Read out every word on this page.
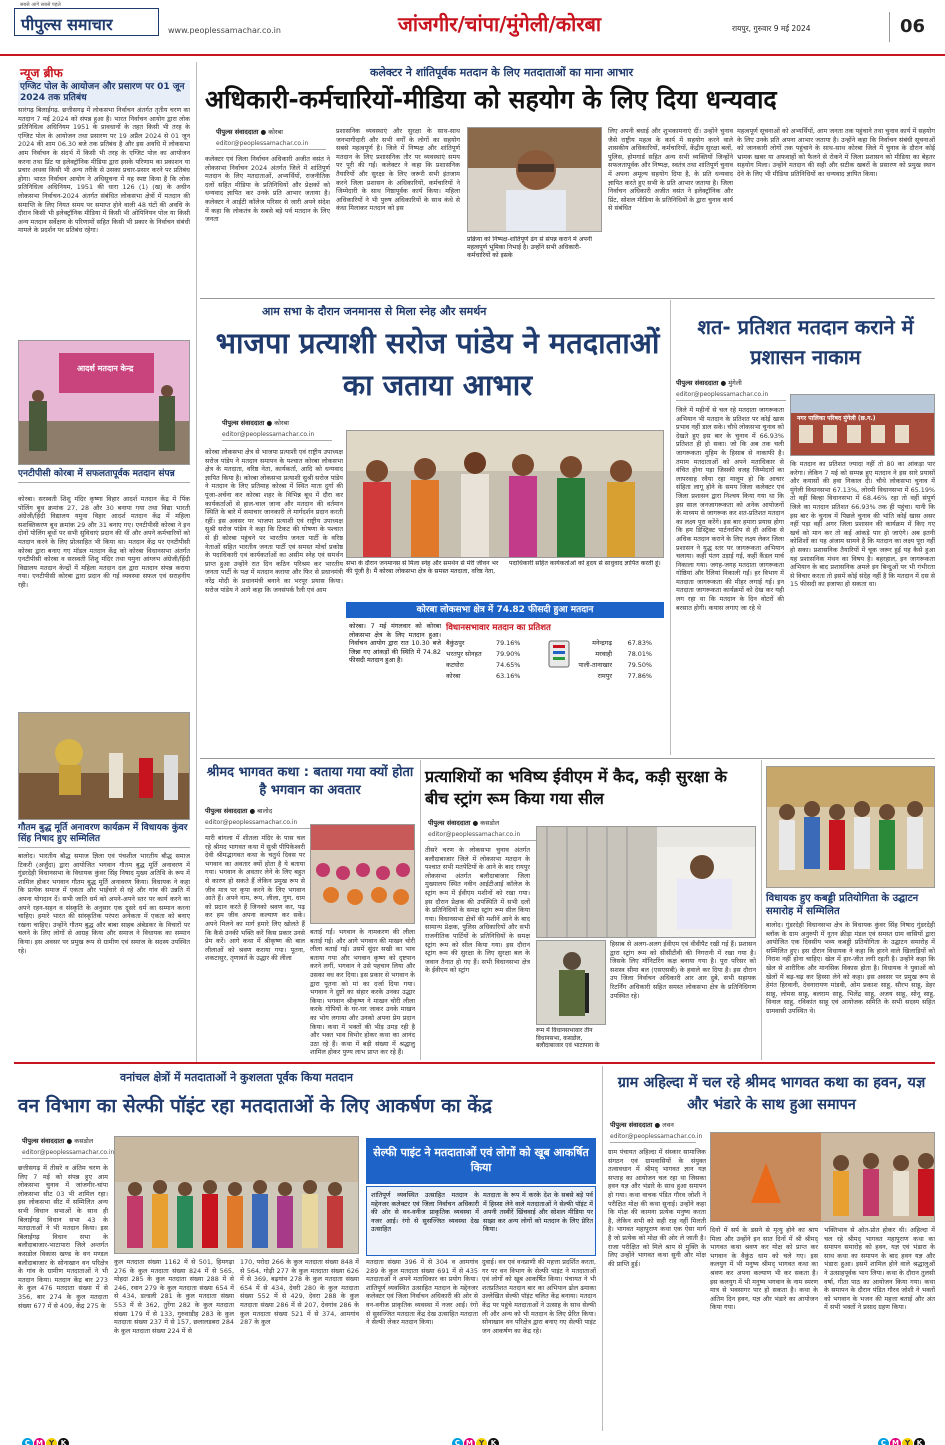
सबसे आगे सबसे पहले
पीपुल्स समाचार	www.peoplessamachar.co.in	जांजगीर/चांपा/मुंगेली/कोरबा	रायपुर, गुरुवार 9 मई 2024	06
न्यूज ब्रीफ
एग्जिट पोल के आयोजन और प्रसारण पर 01 जून 2024 तक प्रतिबंध
सारंगढ़ बिलाईगढ़. छत्तीसगढ़ में लोकसभा निर्वाचन अंतर्गत तृतीय चरण का मतदान 7 मई 2024 को संपन्न हुआ है। भारत निर्वाचन आयोग द्वारा लोक प्रतिनिधित्व अधिनियम 1951 के प्रावधानों के तहत किसी भी तरह के एग्जिट पोल के आयोजन तथा प्रसारण पर 19 अप्रैल 2024 से 01 जून 2024 की शाम 06.30 बजे तक प्रतिबंध है और इस अवधि में लोकसभा आम निर्वाचन के संदर्भ में किसी भी तरह के एग्जिट पोल का आयोजन करना तथा प्रिंट या इलेक्ट्रॉनिक मीडिया द्वारा इसके परिणाम का प्रकाशन या प्रचार अथवा किसी भी अन्य तरीके से उसका प्रचार-प्रसार करने पर प्रतिबंध होगा। भारत निर्वाचन आयोग ने अधिसूचना में यह स्पष्ट किया है कि लोक प्रतिनिधित्व अधिनियम, 1951 की धारा 126 (1) (ख) के अधीन लोकसभा निर्वाचन-2024 अंतर्गत संबंधित लोकसभा क्षेत्रों में मतदान की समाप्ति के लिए नियत समय पर समाप्त होने वाली 48 घंटों की अवधि के दौरान किसी भी इलेक्ट्रॉनिक मीडिया में किसी भी ओपिनियन पोल या किसी अन्य मतदान सर्वेक्षण के परिणामों सहित किसी भी प्रकार के निर्वाचन संबंधी मामले के प्रदर्शन पर प्रतिबंध रहेगा।
आदर्श मतदान केन्द्र
एनटीपीसी कोरबा में सफलतापूर्वक मतदान संपन्न
कोरबा। सरस्वती शिशु मंदिर कृष्णा विहार आदर्श मतदान केंद्र में पिंक पोलिंग बूथ क्रमांक 27, 28 और 30 बनाया गया तथा विद्या भारती अंग्रेजी/हिंदी विद्यालय यमुना विहार आदर्श मतदान केंद्र में महिला सशक्तिकरण बूथ क्रमांक 29 और 31 बनाए गए। एनटीपीसी कोरबा ने इन दोनों पोलिंग बूथों पर सभी सुविधाएं प्रदान की थीं और अपने कर्मचारियों को मतदान करने के लिए प्रोत्साहित भी किया था। मतदान केंद्र पर एनटीपीसी कोरबा द्वारा बनाए गए मॉडल मतदान केंद्र को कोरबा विधानसभा अंतर्गत एनटीपीसी कोरबा व सरस्वती शिशु मंदिर तथा यमुना आंग्लभ अंग्रेजी/हिंदी विद्यालय मतदान केन्द्रों में महिला मतदान दल द्वारा मतदान संपन्न कराया गया। एनटीपीसी कोरबा द्वारा प्रदान की गई व्यवस्था सफल एवं सराहनीय रही।
गौतम बुद्ध मूर्ति अनावरण कार्यक्रम में विधायक कुंवर सिंह निषाद हुए सम्मिलित
बालोद। भारतीय बौद्ध समाज ज्ञिला एवं पंचशील भारतीय बौद्ध समाज टिकरी (अर्जुंदा) द्वारा आयोजित भगवान गौतम बुद्ध मूर्ति अनावरण में गुंडरदेही विधानसभा के विधायक कुंवर सिंह निषाद मुख्य अतिथि के रूप में शामिल होकर भगवान गौतम बुद्ध मूर्ति अनावरण किया। विधायक ने कहा कि प्रत्येक समाज में एकता और भाईचारे से रहे और गांव की उन्नति में अपना योगदान दें। सभी जाति धर्म को अपने-अपने स्तर पर कार्य करने का अपने रहन-सहन व संस्कृति के अनुसार एक दूसरे धर्म का सम्मान करना चाहिए। हमारे भारत की सांस्कृतिक परंपरा अनेकता में एकता को बनाए रखना चाहिए। उन्होंने गौतम बुद्ध और बाबा साहब अंबेडकर के विचारों पर चलने के लिए लोगों से आग्रह किया और समाज ने विधायक का सम्मान किया। इस अवसर पर प्रमुख रूप से ग्रामीण एवं समाज के सदस्य उपस्थित रहे।
कलेक्टर ने शांतिपूर्वक मतदान के लिए मतदाताओं का माना आभार
अधिकारी-कर्मचारियों-मीडिया को सहयोग के लिए दिया धन्यवाद
पीपुल्स संवाददाता ● कोरबा
editor@peoplessamachar.co.in
कलेक्टर एवं जिला निर्वाचन अधिकारी अजीत वसंत ने लोकसभा निर्वाचन 2024 अंतर्गत जिले में शांतिपूर्ण मतदान के लिए मतदाताओं, अभ्यर्थियों, राजनीतिक दलों सहित मीडिया के प्रतिनिधियों और प्रेक्षकों को धन्यवाद ज्ञापित कर उनके प्रति आभार जताया है। कलेक्टर ने आईटी कॉलेज परिसर से जारी अपने संदेश में कहा कि लोकतंत्र के सबसे बड़े पर्व मतदान के लिए जनता
प्रशासनिक व्यवस्थाएं और सुरक्षा के साथ-साथ जनभागीदारी और सभी वर्गों के लोगों का सहयोग सबसे महत्वपूर्ण है। जिले में निष्पक्ष और शांतिपूर्ण मतदान के लिए प्रशासनिक तौर पर व्यवस्थाएं समय पर पूरी की गईं। कलेक्टर ने कहा कि प्रशासनिक तैयारियों और सुरक्षा के लिए जरूरी सभी इंतजाम करने जिला प्रशासन के अधिकारियों, कर्मचारियों ने जिम्मेदारी के साथ निष्ठापूर्वक कार्य किया। महिला अधिकारियों ने भी पुरुष अधिकारियों के साथ कंधे से कंधा मिलाकर मतदान को इस
प्रक्रिया को निष्पक्ष-शांतिपूर्ण ढंग से संपन्न कराने में अपनी महत्वपूर्ण भूमिका निभाई है। उन्होंने सभी अधिकारी-कर्मचारियों को इसके
लिए अपनी बधाई और शुभकामनाएं दीं। उन्होंने चुनाव जैसे राष्ट्रीय महत्व के कार्य में सहयोग करने वाले शासकीय अधिकारियों, कर्मचारियों, केंद्रीय सुरक्षा बलों, पुलिस, होमगार्ड सहित अन्य सभी व्यक्तियों जिन्होंने सफलतापूर्वक और निष्पक्ष, स्वतंत्र तथा शांतिपूर्ण चुनाव में अपना अमूल्य सहयोग दिया है, के प्रति धन्यवाद ज्ञापित करते हुए सभी के प्रति आभार जताया है। जिला निर्वाचन अधिकारी अजीत वसंत ने इलेक्ट्रॉनिक और प्रिंट, सोशल मीडिया के प्रतिनिधियों के द्वारा चुनाव कार्य से संबंधित
महत्वपूर्ण सूचनाओं को अभ्यर्थियों, आम जनता तक पहुंचाने तथा चुनाव कार्य में सहयोग के लिए उनके प्रति अपना आभार जताया है। उन्होंने कहा कि निर्वाचन संबंधी सूचनाओं को जानकारी लोगों तक पहुंचाने के साथ-साथ कोरबा जिले में चुनाव के दौरान कोई भ्रामक खबर या अफवाहों को फैलने से रोकने में जिला प्रशासन को मीडिया का बेहतर सहयोग मिला। उन्होंने मतदान की सही और सटीक खबरों के प्रसारण को प्रमुख स्थान देने के लिए भी मीडिया प्रतिनिधियों का धन्यवाद ज्ञापित किया।
आम सभा के दौरान जनमानस से मिला स्नेह और समर्थन
भाजपा प्रत्याशी सरोज पांडेय ने मतदाताओं का जताया आभार
पीपुल्स संवाददाता ● कोरबा
editor@peoplessamachar.co.in
कोरबा लोकसभा क्षेत्र से भाजपा प्रत्याशी एवं राष्ट्रीय उपाध्यक्ष सरोज पांडेय ने मतदान समापन के पश्चात कोरबा लोकसभा क्षेत्र के मतदाता, वरिष्ठ नेता, कार्यकर्ता, आदि को धन्यवाद ज्ञापित किया है। कोरबा लोकसभा प्रत्याशी सुश्री सरोज पांडेय ने मतदान के लिए प्रतिमाह कोरबा में स्थित माता दुर्गा की पूजा-अर्चना कर कोरबा शहर के विभिन्न बूथ में दौरा कर कार्यकर्ताओं से हाल-चाल जाना और मतदान की वर्तमान स्थिति के बारे में समाचार जानकारी ले मार्गदर्शन प्रदान करती रहीं। इस अवसर पर भाजपा प्रत्याशी एवं राष्ट्रीय उपाध्यक्ष सुश्री सरोज पांडेय ने कहा कि टिकट की घोषणा के पश्चात से ही कोरबा पहुंचने पर भारतीय जनता पार्टी के वरिष्ठ नेताओं सहित भारतीय जनता पार्टी एवं समस्त मोर्चा प्रकोष्ठ के पदाधिकारी एवं कार्यकर्ताओं का असीम स्नेह एवं समर्थन प्राप्त हुआ उन्होंने रात दिन कठिन परिश्रम कर भारतीय जनता पार्टी के पक्ष में मतदान कराया और फिर से प्रधानमंत्री नरेंद्र मोदी के प्रधानमंत्री बनाने का भरपूर प्रयास किया। सरोज पांडेय ने आगे कहा कि जनसंपर्क रैली एवं आम
सभा के दौरान जनमानस से मिला स्नेह और समर्थन से मेरी जीवन भर की पूंजी है। मैं कोरबा लोकसभा क्षेत्र के समस्त मतदाता, वरिष्ठ नेता, पदाधिकारी सहित कार्यकर्ताओं को हृदय से साधुवाद ज्ञापित करती हूं।
कोरबा लोकसभा क्षेत्र में 74.82 फीसदी हुआ मतदान
कोरबा। 7 मई मंगलवार को कोरबा लोकसभा क्षेत्र के लिए मतदान हुआ। निर्वाचन आयोग द्वारा रात 10.30 बजे जिन्ना गए आंकड़ों की स्थिति में 74.82 फीसदी मतदान हुआ है।
विधानसभावार मतदान का प्रतिशत
बैकुंठपुर	79.16%	मनेन्द्रगढ़	67.83%
भरतपुर सोनहत	79.90%	मरवाही	78.01%
कटघोरा	74.65%	पाली-तानाखार	79.50%
कोरबा	63.16%	रामपुर	77.86%
शत- प्रतिशत मतदान कराने में प्रशासन नाकाम
पीपुल्स संवाददाता ● मुंगेली
editor@peoplessamachar.co.in
जिले में महीनों से चल रहे मतदाता जागरूकता अभियान भी मतदान के प्रतिशत पर कोई खास प्रभाव नहीं डाल सके। चौथे लोकसभा चुनाव को देखते हुए इस बार के चुनाव में 66.93% प्रतिशत ही हो सका। जो कि अब तक चली जागरूकता मुहिम के हिसाब से नाकाफी है। तमाम मतदाताओं को अपने मताधिकार से वंचित होना पड़ा जिसकी वजह जिम्मेदारों का लापरवाह रवैया रहा मालूम हो कि आचार संहिता लागू होने के समय जिला कलेक्टर एवं जिला प्रशासन द्वारा निश्चय किया गया था कि इस साल जनजागरूकता को अनेक आयोजनों के माध्यम से जागरूक कर शत-प्रतिशत मतदान का लक्ष्य पूरा करेंगे। इस बार हमारा प्रयास होगा कि हम डिस्ट्रिक्ट पार्टनरशिप से ही अधिक से अधिक मतदान कराने के लिए लक्ष्य लेकर जिला प्रशासन ने युद्ध स्तर पर जागरूकता अभियान चलाया। कहीं पंतग उड़ाई गई, कहीं कैंडल मार्च निकाला गया। जगह-जगह मतदाता जागरूकता गोष्ठियां और रैलियां निकाली गईं। हर विभाग में मतदाता जागरूकता की मीहर लगाई गई। इन मतदाता जागरूकता कार्यक्रमों को देख कर यही लग रहा था कि मतदान के दिन वोटरों की बरसात होगी। कयास लगाए जा रहे थे
नगर पालिका परिषद मुंगेली (छ.ग.)
कि मतदान का प्रतिशत ज्यादा नहीं तो 80 का आंकड़ा पार करेगा। लेकिन 7 मई को सम्पन्न हुए मतदान ने इस सारे प्रयासों और कयासों की हवा निकाल दी। चौथे लोकसभा चुनाव में मुंगेली विधानसभा 67.13%, लोरमी विधानसभा में 65.19% तो वहीं बिल्हा विधानसभा में 68.46% रहा तो वहीं संपूर्ण जिले का मतदान प्रतिशत 66.93% तक ही पहुंचा। यानी कि इस बार के चुनाव में पिछले चुनाव की भांति कोई खास असर नहीं पड़ा वहीं अगर जिला प्रशासन की कार्यक्रम में किए गए खर्च को मान कर तो कई आंकड़े पार हो जाएंगे। अब इतनी कोशिशों का यह अंजाम सामने है कि मतदान का लक्ष्य पूरा नहीं हो सका। प्रशासनिक तैयारियों में चूक जरूर हुई यह कैसे हुआ यह प्रशासनिक मंथन का विषय है। बहरहाल, इन जागरूकता अभियान के बाद प्रशासनिक अमले इन बिन्दुओं पर भी गंभीरता से विचार करता तो इसमें कोई संदेह नहीं है कि मतदान में दस से 15 फीसदी का इजाफा हो सकता था।
श्रीमद भागवत कथा : बताया गया क्यों होता है भगवान का अवतार
पीपुल्स संवाददाता ● बालोद
editor@peoplessamachar.co.in
मारी बांगला में शीतला मंदिर के पास चल रहे श्रीमद भागवत कथा में सुश्री पीपिकेश्वरी देवी श्रीमद्भागवत कथा के चतुर्थ दिवस पर भगवान का अवतार क्यों होता है ये बताया गया। भगवान के अवतार लेने के लिए बहुत से कारण हो सकते हैं लेकिन प्रमुख रूप से जीव मात्र पर कृपा करने के लिए भगवान आते हैं। अपने नाम, रूप, लीला, गुण, धाम को प्रदान करते हैं जिनको श्रवण कर, पढ़ कर हम जीव अपना कल्याण कर सकें। अपने मिलने का मार्ग हमारे लिए खोलते हैं कि कैसे उनकी भक्ति करें किस प्रकार उनसे प्रेम करें। आगे कथा में श्रीकृष्ण की बाल लीलाओं को श्रवण कराया गया। पूतना, शकटासुर, तृणावर्त के उद्धार की लीला
बताई गईं। भगवान के नामकरण की लीला बताई गई। और आगे भगवान की माखन चोरी लीला बताई गई। उसमें सुंदर सखी का भाव बताया गया और भगवान कृष्ण को दृष्टपान करने लगीं, भगवान ने उसे पहचान लिया और उसका वध कर दिया। इस प्रकार से भगवान के द्वारा पूतना को मां का दर्जा दिया गया। भगवान ने दुष्टों का संहार करके उनका उद्धार किया। भगवान श्रीकृष्ण ने माखन चोरी लीला करके गोपियों के घर-घर जाकर उनके माखन का भोग लगाया और उनको अपना प्रेम प्रदान किया। कथा में भक्तों की भीड़ उमड़ रही है और भक्त भाव विभोर होकर कथा का आनंद उठा रहे हैं। कथा में बड़ी संख्या में श्रद्धालु शामिल होकर पुण्य लाभ प्राप्त कर रहे हैं।
प्रत्याशियों का भविष्य ईवीएम में कैद, कड़ी सुरक्षा के बीच स्ट्रांग रूम किया गया सील
पीपुल्स संवाददाता ● कसडोल
editor@peoplessamachar.co.in
तीसरे चरण के लोकसभा चुनाव अंतर्गत बलौदाबाजार जिले में लोकसभा मतदान के पश्चात सभी मतपेटियों के आने के बाद रायपुर लोकसभा अंतर्गत बलौदाबाजार जिला मुख्यालय स्थित नवीन आईटीआई कॉलेज के स्ट्रांग रूम में ईवीएम मशीनों को रखा गया। इस दौरान प्रेक्षक की उपस्थिति में सभी दलों के प्रतिनिधियों के समक्ष स्ट्रांग रूम सील किया गया। विधानसभा क्षेत्रों की मशीनें आने के बाद सामान्य प्रेक्षक, पुलिस अधिकारियों और सभी राजनीतिक पार्टियों के प्रतिनिधियों के समक्ष स्ट्रांग रूम को सील किया गया। इस दौरान स्ट्रांग रूम की सुरक्षा के लिए सुरक्षा बल के जवान तैनात हो गए हैं। सभी विधानसभा क्षेत्र के ईवीएम को स्ट्रांग
रूम में विधानसभावार तीन विधानसभा, कसडोल, बलौदाबाजार एवं भाटापारा के
हिसाब से अलग-अलग ईवीएम एवं वीवीपैट रखी गई हैं। प्रशासन द्वारा स्ट्रांग रूम को सीसीटीवी की निगरानी में रखा गया है। जिसके लिए मॉनिटरिंग कक्ष बनाया गया है। पूरा परिसर को सशस्त्र सीमा बल (एसएसबी) के हवाले कर दिया है। इस दौरान उप जिला निर्वाचन अधिकारी आर आर दुबे, सभी सहायक रिटर्निंग अधिकारी सहित समस्त लोकसभा क्षेत्र के प्रतिनिधिगण उपस्थित रहे।
विधायक हुए कबड्डी प्रतियोगिता के उद्घाटन समारोह में सम्मिलित
बालोद। गुंडरदेही विधानसभा क्षेत्र के विधायक कुंवर सिंह निषाद गुंडरदेही ब्लॉक के ग्राम अनुरुपी में नूतन क्रीड़ा मंडल एवं समस्त ग्राम वासियों द्वारा आयोजित एक दिवसीय भव्य कबड्डी प्रतियोगिता के उद्घाटन समारोह में सम्मिलित हुए। इस दौरान विधायक ने कहा कि हारने वाले खिलाड़ियों को निराश नहीं होना चाहिए। खेल में हार-जीत लगी रहती है। उन्होंने कहा कि खेल से शारीरिक और मानसिक विकास होता है। विधायक ने युवाओं को खेलों में बढ़-चढ़ कर हिस्सा लेने को कहा। इस अवसर पर प्रमुख रूप से हेमंत हिरवानी, देवनारायण मांडवी, ओम प्रकाश साहू, सौरभ साहू, डेहर साहू, लोमस साहू, बलराम साहू, भिलेंद्र साहू, अजय साहू, सोनू साहू, विनाल साहू, रविकांत साहू एवं आयोजक समिति के सभी सदस्य सहित ग्रामवासी उपस्थित थे।
वनांचल क्षेत्रों में मतदाताओं ने कुशलता पूर्वक किया मतदान
वन विभाग का सेल्फी पॉइंट रहा मतदाताओं के लिए आकर्षण का केंद्र
पीपुल्स संवाददाता ● कसडोल
editor@peoplessamachar.co.in
छत्तीसगढ़ में तीसरे व अंतिम चरण के लिए 7 मई को संपन्न हुए आम लोकसभा चुनाव में जांजगीर-चांपा लोकसभा सीट 03 भी शामिल रहा। इस लोकसभा सीट में सम्मिलित अन्य सभी विधान सभाओं के साथ ही बिलाईगढ़ विधान सभा 43 के मतदाताओं ने भी मतदान किया। इस बिलाईगढ़ विधान सभा के बलौदाबाजार-भाटापारा जिले अन्तर्गत कसडोल विकास खण्ड के वन मण्डल बलौदाबाजार के सोनाखान वन परिक्षेत्र के गांव के ग्रामीण मतदाताओं ने भी मतदान किया। मतदान केंद्र बार 273 के कुल 476 मतदाता संख्या में से 356, बार 274 के कुल मतदाता संख्या 677 में से 409, केंद्र 275 के
कुल मतदाता संख्या 1162 में से 501, हिमगढ़ा 276 के कुल मतदाता संख्या 824 में से 565, मोहदा 285 के कुल मतदाता संख्या 288 में से 246, रवान 279 के कुल मतदाता संख्या 654 में से 434, डल्डली 281 के कुल मतदाता संख्या 553 में से 362, तुरेंगा 282 के कुल मतदाता संख्या 179 में से 133, गुरुवाडीह 283 के कुल मतदाता संख्या 237 में से 157, छलालडबरा 284 के कुल मतदाता संख्या 224 में से
170, परोदा 266 के कुल मतदाता संख्या 848 में से 564, गोढ़ी 277 के कुल मतदाता संख्या 626 में से 369, बढ़गांव 278 के कुल मतदाता संख्या 654 में से 434, देवरी 280 के कुल मतदाता संख्या 552 में से 429, देवरा 288 के कुल मतदाता संख्या 286 में से 207, देवगांव 286 के कुल मतदाता संख्या 521 में से 374, आमगांव 287 के कुल
सेल्फी पाइंट ने मतदाताओं एवं लोगों को खूब आकर्षित किया
शांतिपूर्ण व्यवस्थित उत्साहित मतदान के मद्देनजर कलेक्टर एवं जिला निर्वाचन अधिकारी की ओर से वन-वनीज प्राकृतिक व्यवस्था में नजर आई। रंगो से सुसज्जित व्यवस्था देख उत्साहित
मतदाता के रूप में करके देश के सबसे बड़े पर्व में हिस्सा लेने वाले मतदाताओं ने सेल्फी पॉइंट में अपनी तस्वीरें खिंचवाई और सोशल मीडिया पर साझा कर अन्य लोगों को मतदान के लिए प्रेरित किया।
मतदाता संख्या 396 में से 304 व आमगांव 289 के कुल मतदाता संख्या 691 में से 435 मतदाताओं ने अपने मताधिकार का प्रयोग किया। शांतिपूर्ण व्यवस्थित उत्साहित मतदान के मद्देनजर कलेक्टर एवं जिला निर्वाचन अधिकारी की ओर से वन-वनीज प्राकृतिक व्यवस्था में नजर आई। रंगो से सुसज्जित मतदाता केंद्र देख उत्साहित मतदाता ने सेल्फी लेकर मतदान किया।
दुवाई। वन एवं वनप्राणी की महत्ता प्रदर्शित करता, गर पर वन विभाग के सेल्फी पाइंट ने मतदाताओं एवं लोगों को खूब आकर्षित किया। पंचायत ने भी शतप्रतिशत मतदान बार का अभियान ढोल ढमाका उल्लेखित सेल्फी पॉइंट चलित केंद्र बनाया। मतदान केंद्र पर पहुंचे मतदाताओं ने उत्साह के साथ सेल्फी ली और अन्य को भी मतदान के लिए प्रेरित किया। सोनाखान वन परिक्षेत्र द्वारा बनाए गए सेल्फी पाइंट जन आकर्षण का केंद्र रहे।
ग्राम अहिल्दा में चल रहे श्रीमद भागवत कथा का हवन, यज्ञ और भंडारे के साथ हुआ समापन
पीपुल्स संवाददाता ● लवन
editor@peoplessamachar.co.in
ग्राम पंचायत अहिल्दा में संस्कार सामाजिक संगठन एवं ग्रामवासियों के संयुक्त तत्वावधान में श्रीमद् भागवत ज्ञान यज्ञ सप्ताह का आयोजन चल रहा था जिसका हवन यज्ञ और भंडारे के साथ हुआ समापन हो गया। कथा वाचक पंडित गौरव जोशी ने परीक्षित मोक्ष की कथा सुनाई। उन्होंने कहा कि मोक्ष की कामना प्रत्येक मनुष्य करता है, लेकिन सभी को सही राह नहीं मिलती है। भागवत महापुराण कथा एक ऐसा मार्ग है जो प्रत्येक को मोक्ष की ओर ले जाती है। राजा परीक्षित को मिले श्राप से मुक्ति के लिए उन्होंने भागवत कथा सुनी और मोक्ष की प्राप्ति हुई।
दिनों में सर्प के डसने से मृत्यु होने का श्राप मिला और उन्होंने इन सात दिनों में श्री श्रीमद् भागवत कथा श्रवण कर मोक्ष को प्राप्त कर भगवान के वैकुंठ धाम को चले गए। इस कलयुग में भी मनुष्य श्रीमद् भागवत कथा का श्रवण कर अपना कल्याण भी कर सकता है। इस कलयुग में भी मनुष्य भगवान के नाम स्मरण मात्र से भवसागर पार हो सकता है। कथा के अंतिम दिन हवन, यज्ञ और भंडारे का आयोजन किया गया।
भक्तिभाव से ओत-प्रोत होकर थी। अहिल्दा में चल रहे श्रीमद् भागवत महापुराण कथा का समापन समारोह को हवन, यज्ञ एवं भंडारा के साथ कथा का समापन के बाद हवन यज्ञ और भंडारा हुआ। इसमें शामिल होने वाले श्रद्धालुओं ने उत्साहपूर्वक भाग लिया। कथा के दौरान तुलसी वर्षा, गीता पाठ का आयोजन किया गया। कथा के समापन के दौरान पंडित गौरव जोशी ने भक्तों को भगवान के भजन की महत्ता बताई और अंत में सभी भक्तों ने प्रसाद ग्रहण किया।
C M Y K	C M Y K	C M Y K
